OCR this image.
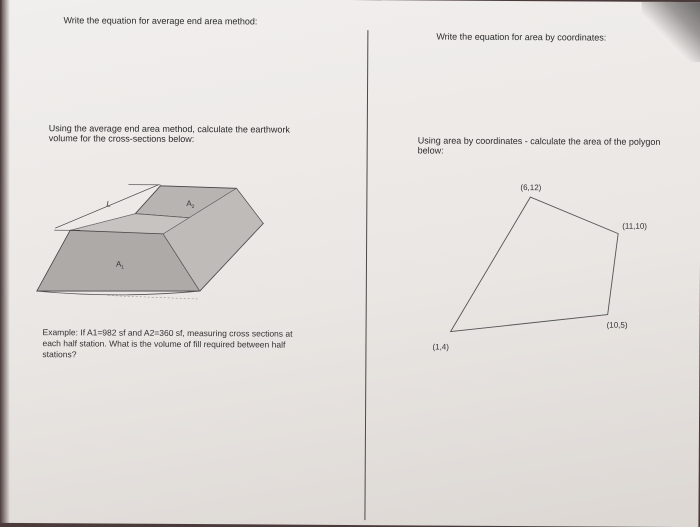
Write the equation for average end area method:
Write the equation for area by coordinates:
Using the average end area method, calculate the earthwork volume for the cross-sections below:	Using area by coordinates - calculate the area of the polygon below:
Example: If A1=982 sf and A2=360 sf, measuring cross sections at each half station. What is the volume of fill required between half stations?
L
$A_1$
$A_2$
(1,4)
(6,12)
(11,10)
(10,5)
